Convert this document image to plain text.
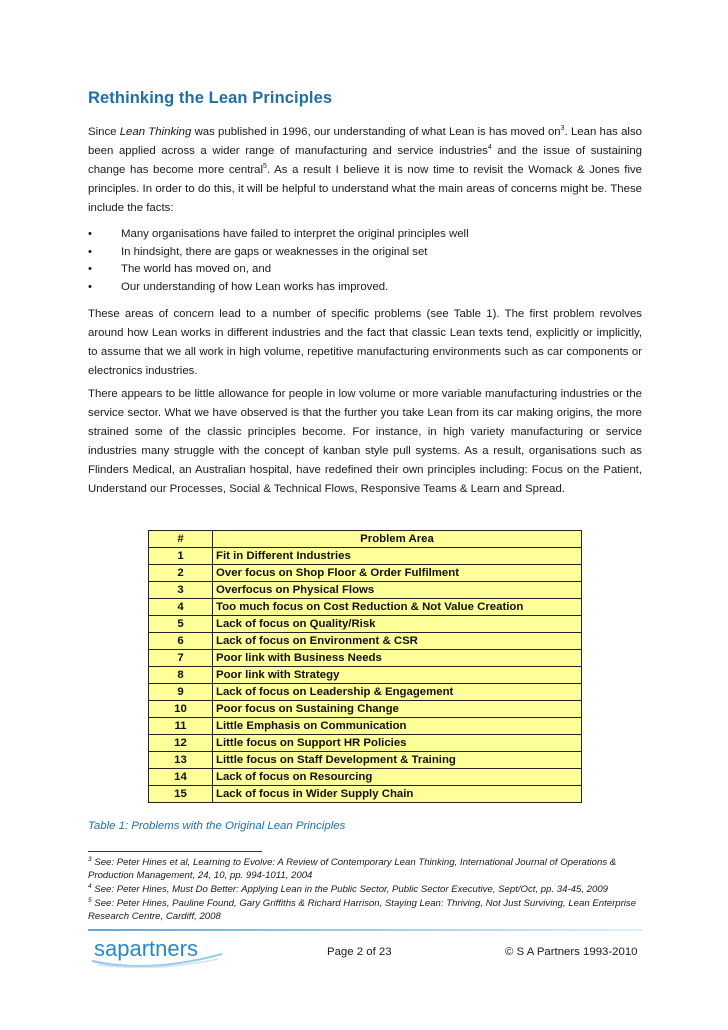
Rethinking the Lean Principles

Since Lean Thinking was published in 1996, our understanding of what Lean is has moved $on^3$. Lean has also been applied across a wider range of manufacturing and service industries$^4$ and the issue of sustaining change has become more central$^5$. As a result I believe it is now time to revisit the Womack & Jones five principles. In order to do this, it will be helpful to understand what the main areas of concerns might be. These include the facts:

•	Many organisations have failed to interpret the original principles well
•	In hindsight, there are gaps or weaknesses in the original set
•	The world has moved on, and
•	Our understanding of how Lean works has improved.

These areas of concern lead to a number of specific problems (see Table 1). The first problem revolves around how Lean works in different industries and the fact that classic Lean texts tend, explicitly or implicitly, to assume that we all work in high volume, repetitive manufacturing environments such as car components or electronics industries.

There appears to be little allowance for people in low volume or more variable manufacturing industries or the service sector. What we have observed is that the further you take Lean from its car making origins, the more strained some of the classic principles become. For instance, in high variety manufacturing or service industries many struggle with the concept of kanban style pull systems. As a result, organisations such as Flinders Medical, an Australian hospital, have redefined their own principles including: Focus on the Patient, Understand our Processes, Social & Technical Flows, Responsive Teams & Learn and Spread.

#	Problem Area
1	Fit in Different Industries
2	Over focus on Shop Floor & Order Fulfilment
3	Overfocus on Physical Flows
4	Too much focus on Cost Reduction & Not Value Creation
5	Lack of focus on Quality/Risk
6	Lack of focus on Environment & CSR
7	Poor link with Business Needs
8	Poor link with Strategy
9	Lack of focus on Leadership & Engagement
10	Poor focus on Sustaining Change
11	Little Emphasis on Communication
12	Little focus on Support HR Policies
13	Little focus on Staff Development & Training
14	Lack of focus on Resourcing
15	Lack of focus in Wider Supply Chain
Table 1: Problems with the Original Lean Principles

$^3$ See: Peter Hines et al, Learning to Evolve: A Review of Contemporary Lean Thinking, International Journal of Operations & Production Management, 24, 10, pp. 994-1011, 2004

$^4$ See: Peter Hines, Must Do Better: Applying Lean in the Public Sector, Public Sector Executive, Sept/Oct, pp. 34-45, 2009

$^5$ See: Peter Hines, Pauline Found, Gary Griffiths & Richard Harrison, Staying Lean: Thriving, Not Just Surviving, Lean Enterprise Research Centre, Cardiff, 2008

sapartners	Page 2 of 23	© S A Partners 1993-2010
